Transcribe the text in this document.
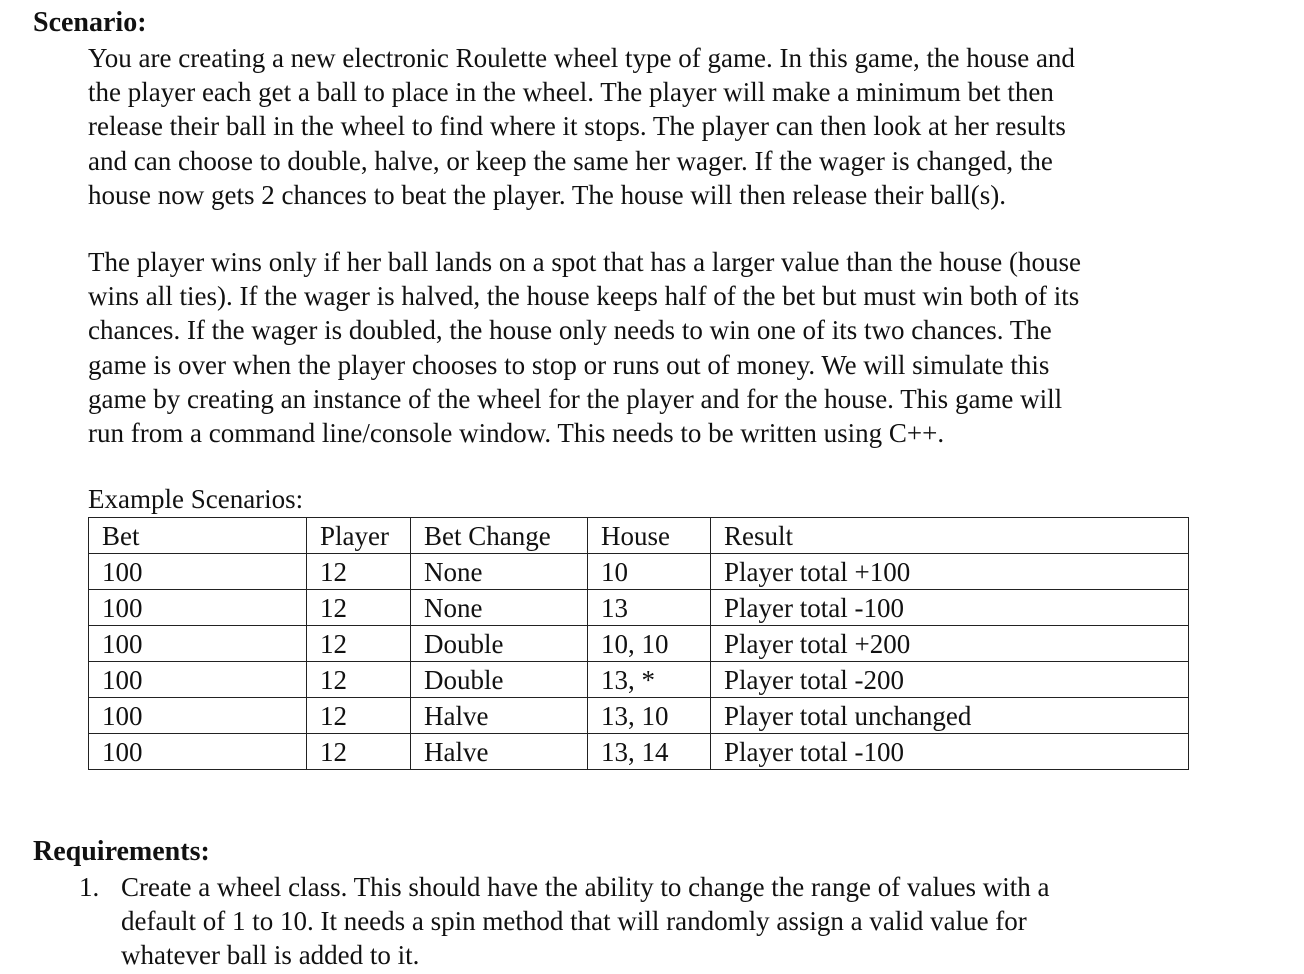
Scenario:

You are creating a new electronic Roulette wheel type of game. In this game, the house and
the player each get a ball to place in the wheel. The player will make a minimum bet then
release their ball in the wheel to find where it stops. The player can then look at her results
and can choose to double, halve, or keep the same her wager. If the wager is changed, the
house now gets 2 chances to beat the player. The house will then release their ball(s).

The player wins only if her ball lands on a spot that has a larger value than the house (house
wins all ties). If the wager is halved, the house keeps half of the bet but must win both of its
chances. If the wager is doubled, the house only needs to win one of its two chances. The
game is over when the player chooses to stop or runs out of money. We will simulate this
game by creating an instance of the wheel for the player and for the house. This game will
run from a command line/console window. This needs to be written using C++.

Example Scenarios:

Bet	Player	Bet Change	House	Result
100	12	None	10	Player total +100
100	12	None	13	Player total -100
100	12	Double	10, 10	Player total +200
100	12	Double	13, *	Player total -200
100	12	Halve	13, 10	Player total unchanged
100	12	Halve	13, 14	Player total -100
Requirements:
1. Create a wheel class. This should have the ability to change the range of values with a
default of 1 to 10. It needs a spin method that will randomly assign a valid value for
whatever ball is added to it.
